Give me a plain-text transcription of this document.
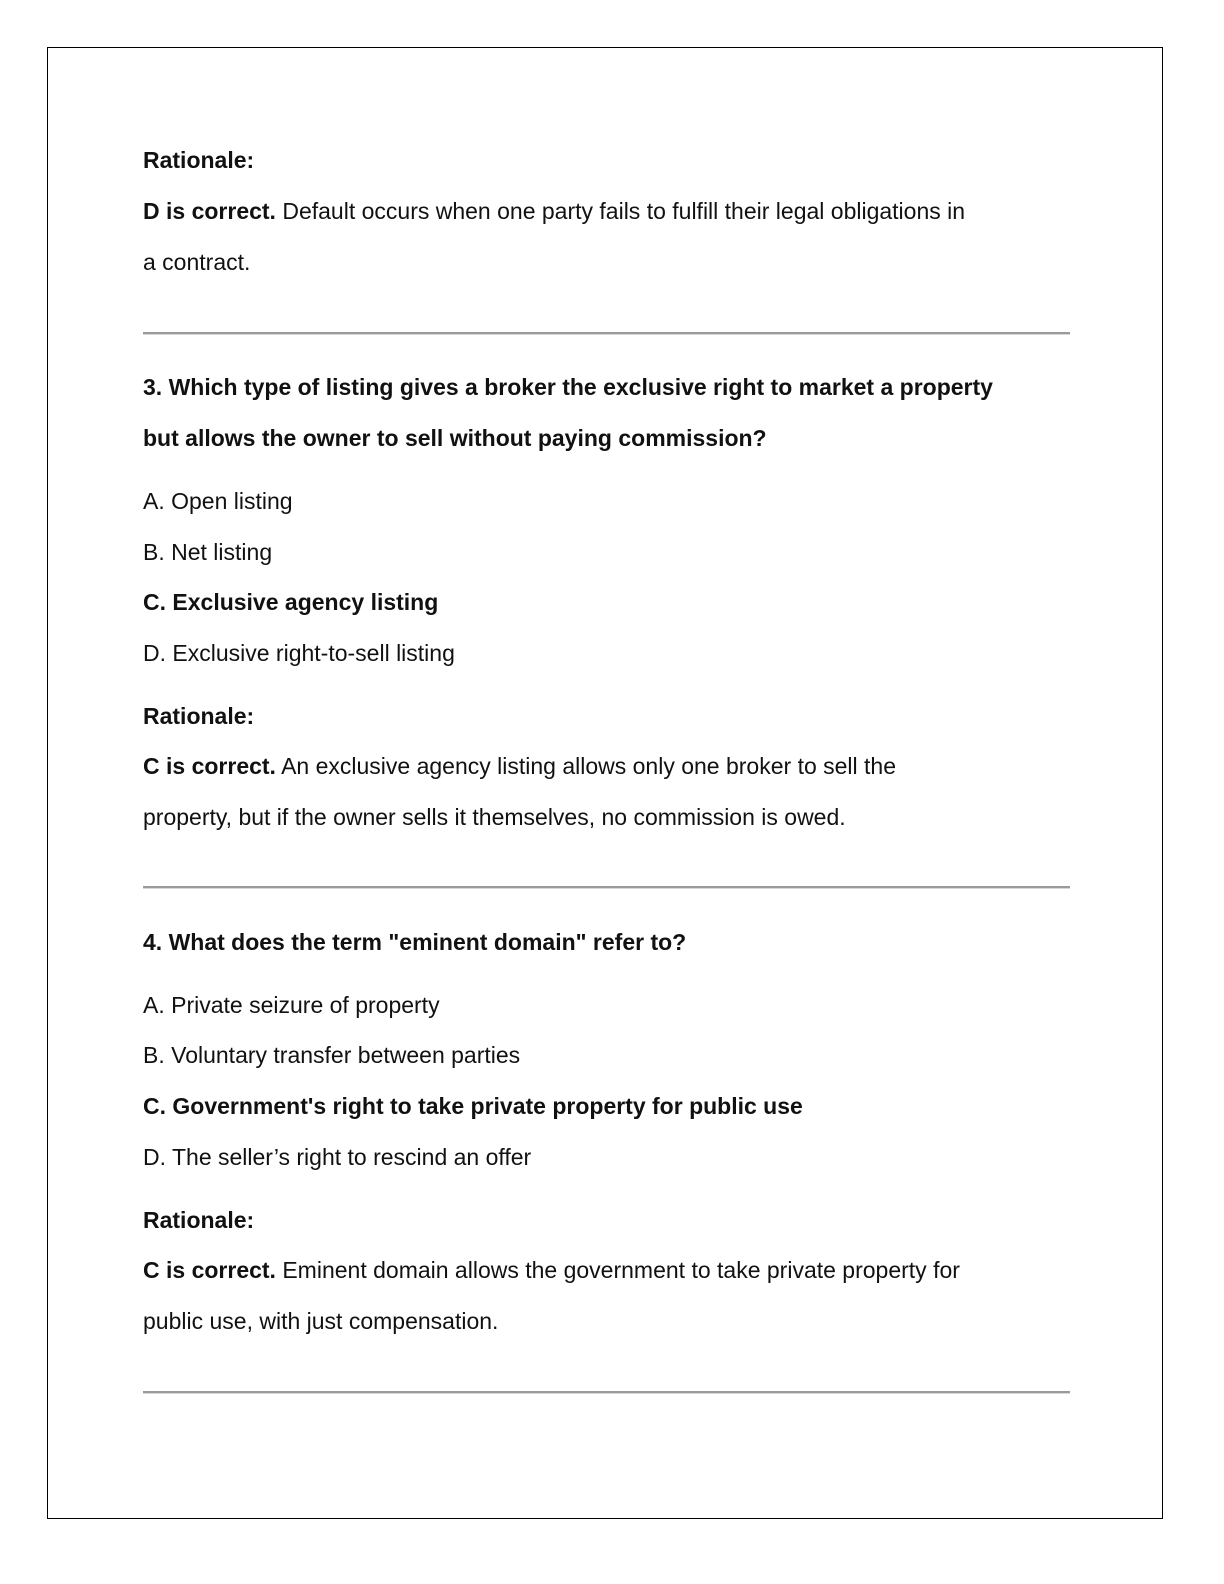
Rationale:
D is correct. Default occurs when one party fails to fulfill their legal obligations in
a contract.
3. Which type of listing gives a broker the exclusive right to market a property
but allows the owner to sell without paying commission?
A. Open listing
B. Net listing
C. Exclusive agency listing
D. Exclusive right-to-sell listing
Rationale:
C is correct. An exclusive agency listing allows only one broker to sell the
property, but if the owner sells it themselves, no commission is owed.
4. What does the term "eminent domain" refer to?
A. Private seizure of property
B. Voluntary transfer between parties
C. Government's right to take private property for public use
D. The seller’s right to rescind an offer
Rationale:
C is correct. Eminent domain allows the government to take private property for
public use, with just compensation.
